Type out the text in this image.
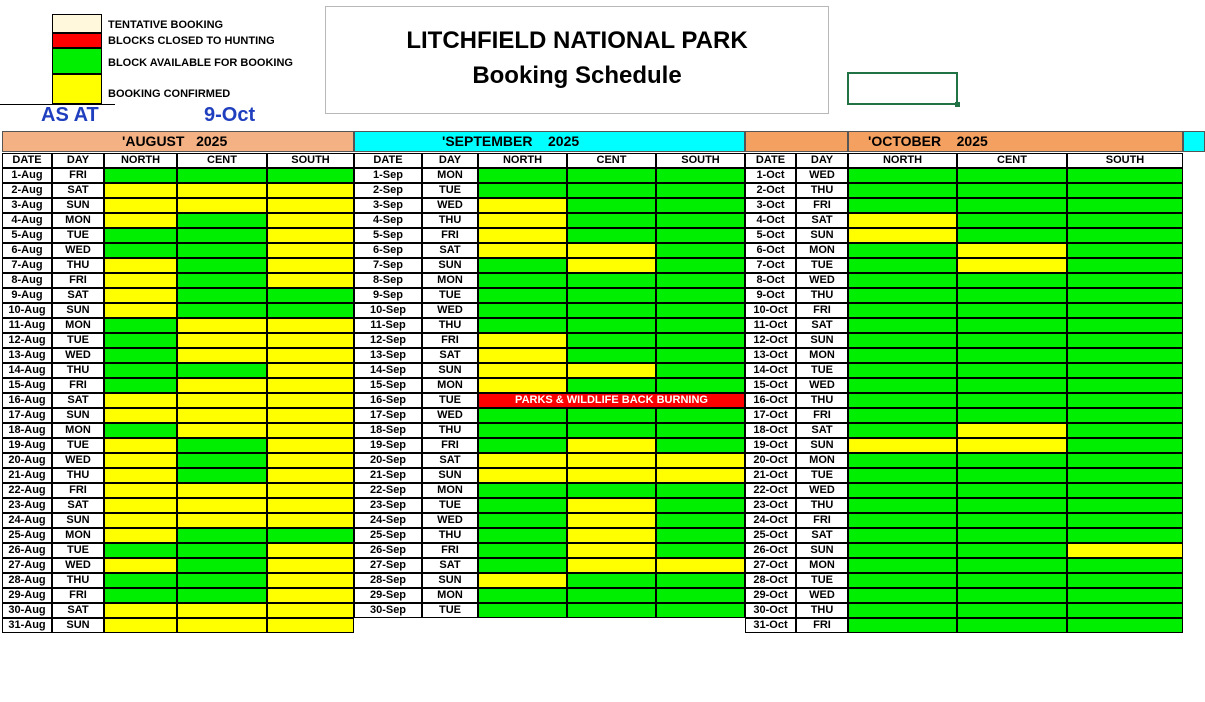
TENTATIVE BOOKING
BLOCKS CLOSED TO HUNTING
BLOCK AVAILABLE FOR BOOKING
BOOKING CONFIRMED
LITCHFIELD NATIONAL PARK
Booking Schedule
AS AT	9-Oct
'AUGUST   2025	'SEPTEMBER    2025	'OCTOBER    2025
DATE	DAY	NORTH	CENT	SOUTH
1-Aug	FRI
2-Aug	SAT
3-Aug	SUN
4-Aug	MON
5-Aug	TUE
6-Aug	WED
7-Aug	THU
8-Aug	FRI
9-Aug	SAT
10-Aug	SUN
11-Aug	MON
12-Aug	TUE
13-Aug	WED
14-Aug	THU
15-Aug	FRI
16-Aug	SAT
17-Aug	SUN
18-Aug	MON
19-Aug	TUE
20-Aug	WED
21-Aug	THU
22-Aug	FRI
23-Aug	SAT
24-Aug	SUN
25-Aug	MON
26-Aug	TUE
27-Aug	WED
28-Aug	THU
29-Aug	FRI
30-Aug	SAT
31-Aug	SUN
DATE	DAY	NORTH	CENT	SOUTH
1-Sep	MON
2-Sep	TUE
3-Sep	WED
4-Sep	THU
5-Sep	FRI
6-Sep	SAT
7-Sep	SUN
8-Sep	MON
9-Sep	TUE
10-Sep	WED
11-Sep	THU
12-Sep	FRI
13-Sep	SAT
14-Sep	SUN
15-Sep	MON
16-Sep	TUE	PARKS & WILDLIFE BACK BURNING
17-Sep	WED
18-Sep	THU
19-Sep	FRI
20-Sep	SAT
21-Sep	SUN
22-Sep	MON
23-Sep	TUE
24-Sep	WED
25-Sep	THU
26-Sep	FRI
27-Sep	SAT
28-Sep	SUN
29-Sep	MON
30-Sep	TUE
DATE	DAY	NORTH	CENT	SOUTH
1-Oct	WED
2-Oct	THU
3-Oct	FRI
4-Oct	SAT
5-Oct	SUN
6-Oct	MON
7-Oct	TUE
8-Oct	WED
9-Oct	THU
10-Oct	FRI
11-Oct	SAT
12-Oct	SUN
13-Oct	MON
14-Oct	TUE
15-Oct	WED
16-Oct	THU
17-Oct	FRI
18-Oct	SAT
19-Oct	SUN
20-Oct	MON
21-Oct	TUE
22-Oct	WED
23-Oct	THU
24-Oct	FRI
25-Oct	SAT
26-Oct	SUN
27-Oct	MON
28-Oct	TUE
29-Oct	WED
30-Oct	THU
31-Oct	FRI
